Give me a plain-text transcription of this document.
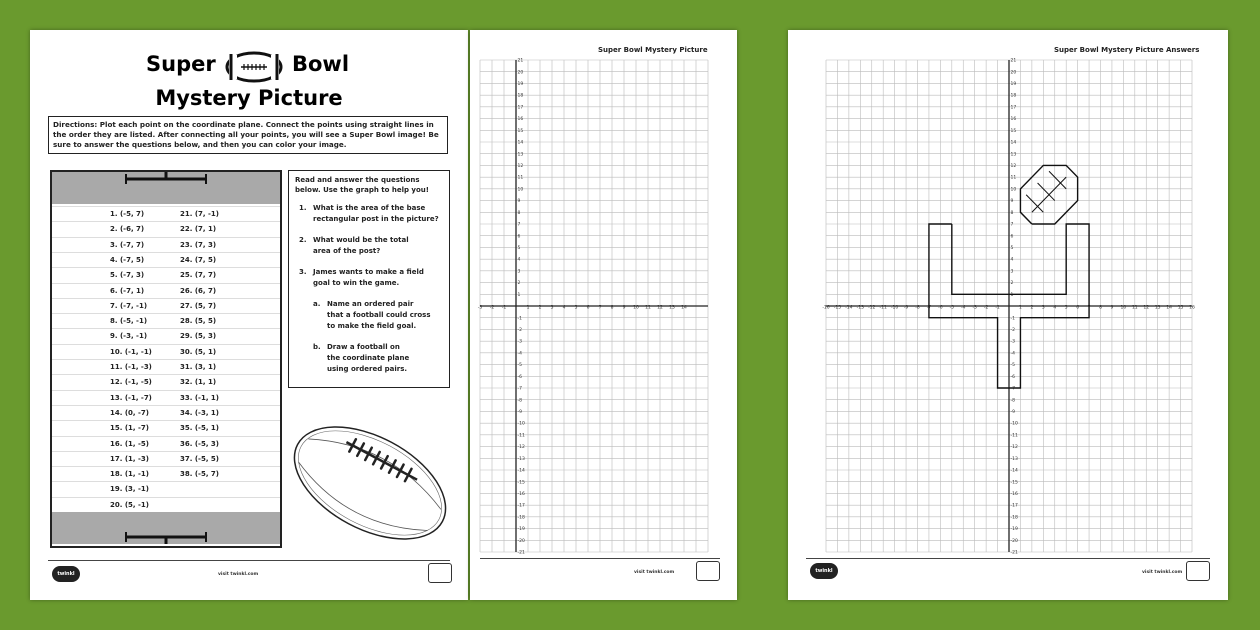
Super	Bowl
Mystery Picture
Directions: Plot each point on the coordinate plane. Connect the points using straight lines in the order they are listed. After connecting all your points, you will see a Super Bowl image! Be sure to answer the questions below, and then you can color your image.
1. (-5, 7)	21. (7, -1)
2. (-6, 7)	22. (7, 1)
3. (-7, 7)	23. (7, 3)
4. (-7, 5)	24. (7, 5)
5. (-7, 3)	25. (7, 7)
6. (-7, 1)	26. (6, 7)
7. (-7, -1)	27. (5, 7)
8. (-5, -1)	28. (5, 5)
9. (-3, -1)	29. (5, 3)
10. (-1, -1)	30. (5, 1)
11. (-1, -3)	31. (3, 1)
12. (-1, -5)	32. (1, 1)
13. (-1, -7)	33. (-1, 1)
14. (0, -7)	34. (-3, 1)
15. (1, -7)	35. (-5, 1)
16. (1, -5)	36. (-5, 3)
17. (1, -3)	37. (-5, 5)
18. (1, -1)	38. (-5, 7)
19. (3, -1)
20. (5, -1)
Read and answer the questions
below. Use the graph to help you!
1. What is the area of the base
rectangular post in the picture?
2. What would be the total
area of the post?
3. James wants to make a field
goal to win the game.
a. Name an ordered pair
that a football could cross
to make the field goal.
b. Draw a football on
the coordinate plane
using ordered pairs.
twinkl	visit twinkl.com
Super Bowl Mystery Picture
-3 -2 -1	1 2 3 4 5 6 7 8 9 10 11 12 13 14
21
20
19
18
17
16
15
14
13
12
11
10
9
8
7
6
5
4
3
2
1
-1
-2
-3
-4
-5
-6
-7
-8
-9
-10
-11
-12
-13
-14
-15
-16
-17
-18
-19
-20
-21
visit twinkl.com
Super Bowl Mystery Picture Answers
-16 -15 -14 -13 -12 -11 -10 -9 -8 -7 -6 -5 -4 -3 -2 -1	1 2 3 4 5 6 7 8 9 10 11 12 13 14 15 16
21
20
19
18
17
16
15
14
13
12
11
10
9
8
7
6
5
4
3
2
1
-1
-2
-3
-4
-5
-6
-7
-8
-9
-10
-11
-12
-13
-14
-15
-16
-17
-18
-19
-20
-21
twinkl	visit twinkl.com
